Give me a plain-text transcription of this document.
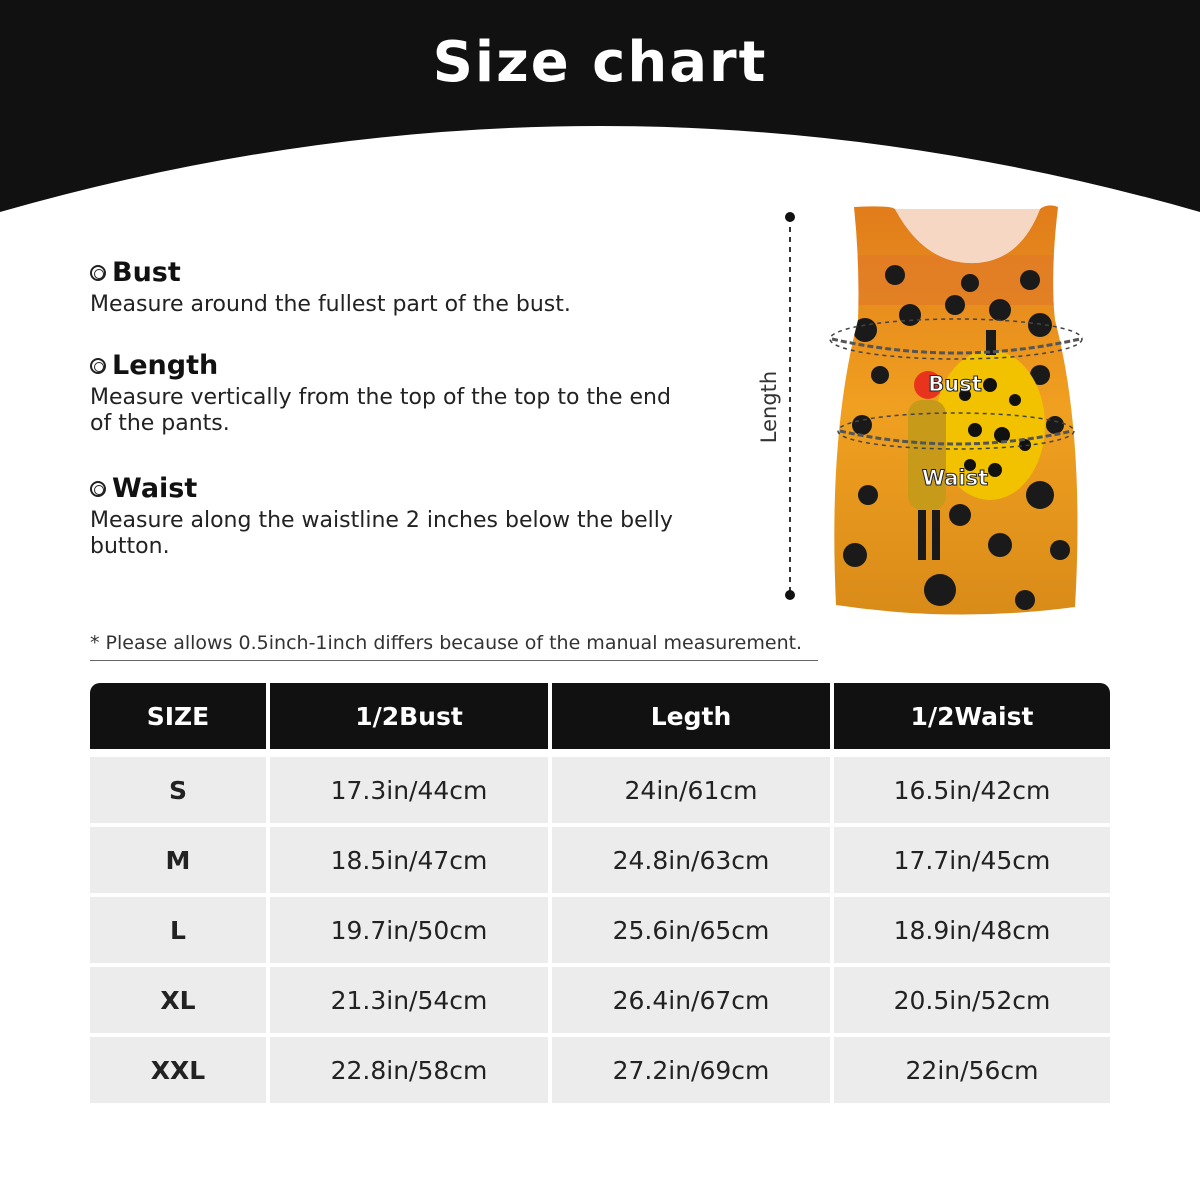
Size chart
Bust
Measure around the fullest part of the bust.
Length
Measure vertically from the top of the top to the end of the pants.
Waist
Measure along the waistline 2 inches below the belly button.
Length	Bust
Waist
* Please allows 0.5inch-1inch differs because of the manual measurement.
SIZE	1/2Bust	Legth	1/2Waist
S	17.3in/44cm	24in/61cm	16.5in/42cm
M	18.5in/47cm	24.8in/63cm	17.7in/45cm
L	19.7in/50cm	25.6in/65cm	18.9in/48cm
XL	21.3in/54cm	26.4in/67cm	20.5in/52cm
XXL	22.8in/58cm	27.2in/69cm	22in/56cm
